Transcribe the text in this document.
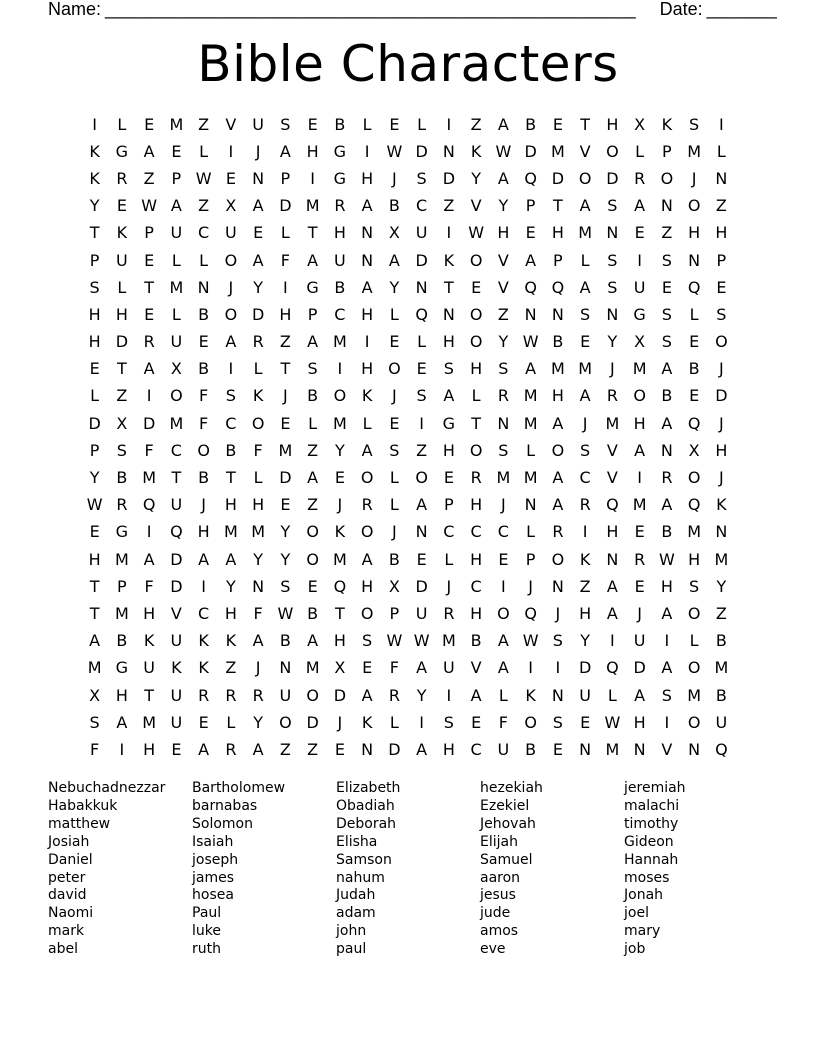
Name: _____________________________________________________ Date: _______
Bible Characters
I	L	E M Z	V U	S	E	B	L	E	L	I	Z	A	B	E	T	H X	K	S	I
K G A	E	L	I	J	A H G	I	W D N	K W D M V O	L	P M L
K	R	Z	P W E	N	P	I	G H	J	S	D	Y	A Q D O D R O	J	N
Y	E W A	Z	X	A D M R	A	B	C	Z	V	Y	P	T	A	S	A N O Z
T	K	P	U C U	E	L	T	H N X U	I	W H	E	H M N	E	Z H H
P	U	E	L	L	O A	F	A U N A D K O V	A	P	L	S	I	S	N	P
S	L	T M N	J	Y	I	G B	A	Y	N	T	E	V Q Q A	S	U	E Q E
H H	E	L	B O D H	P	C H	L	Q N O Z N N	S	N G S	L	S
H D R U	E	A	R	Z	A M	I	E	L	H O	Y W B	E	Y	X	S	E O
E	T	A	X	B	I	L	T	S	I	H O E	S	H	S	A M M	J	M A	B	J
L	Z	I	O	F	S	K	J	B O K	J	S	A	L	R M H A	R O B	E	D
D X D M F	C O E	L M L	E	I	G	T	N M A	J	M H A Q	J
P	S	F	C O B	F M Z	Y	A	S	Z H O S	L	O S	V	A N X H
Y	B M T	B	T	L	D A	E O	L	O E	R M M A	C	V	I	R O	J
W R Q U	J	H H	E	Z	J	R	L	A	P	H	J	N A	R Q M A Q K
E	G	I	Q H M M Y	O K O	J	N C	C	C	L	R	I	H	E	B M N
H M A D A	A	Y	Y	O M A	B	E	L	H	E	P	O K	N R W H M
T	P	F	D	I	Y	N	S	E Q H X D	J	C	I	J	N Z	A	E	H	S	Y
T M H V	C H	F W B	T	O	P	U R H O Q	J	H A	J	A O Z
A	B	K	U	K	K	A	B	A H	S W W M B	A W S	Y	I	U	I	L	B
M G U	K	K	Z	J	N M X	E	F	A U V	A	I	I	D Q D A O M
X H	T	U R	R	R U O D A	R	Y	I	A	L	K	N U	L	A	S M B
S	A M U	E	L	Y	O D	J	K	L	I	S	E	F	O S	E W H	I	O U
F	I	H	E	A	R	A	Z	Z	E	N D A H C U B	E	N M N V N Q
Nebuchadnezzar
Habakkuk
matthew
Josiah
Daniel
peter
david
Naomi
mark
abel
Bartholomew
barnabas
Solomon
Isaiah
joseph
james
hosea
Paul
luke
ruth
Elizabeth
Obadiah
Deborah
Elisha
Samson
nahum
Judah
adam
john
paul
hezekiah
Ezekiel
Jehovah
Elijah
Samuel
aaron
jesus
jude
amos
eve
jeremiah
malachi
timothy
Gideon
Hannah
moses
Jonah
joel
mary
job
